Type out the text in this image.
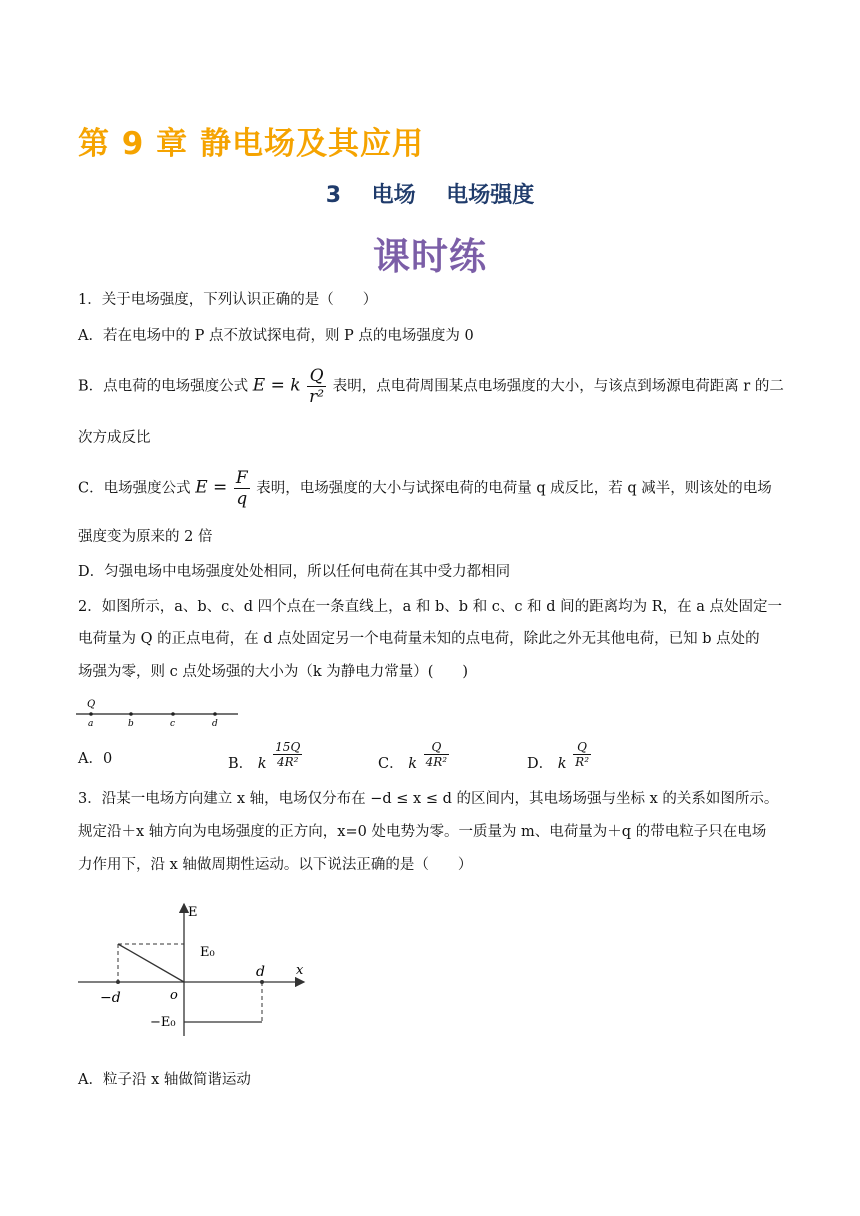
第 9 章 静电场及其应用
3    电场    电场强度
课时练
1．关于电场强度，下列认识正确的是（　　）
A．若在电场中的 P 点不放试探电荷，则 P 点的电场强度为 0
B．点电荷的电场强度公式 E = k $\frac{Q}{\text{r²}}$ 表明，点电荷周围某点电场强度的大小，与该点到场源电荷距离 r 的二
次方成反比
C．电场强度公式 $E = \frac{F}{q}$ 表明，电场强度的大小与试探电荷的电荷量 q 成反比，若 q 减半，则该处的电场
强度变为原来的 2 倍
D．匀强电场中电场强度处处相同，所以任何电荷在其中受力都相同
2．如图所示，a、b、c、d 四个点在一条直线上，a 和 b、b 和 c、c 和 d 间的距离均为 R，在 a 点处固定一
电荷量为 Q 的正点电荷，在 d 点处固定另一个电荷量未知的点电荷，除此之外无其他电荷，已知 b 点处的
场强为零，则 c 点处场强的大小为（k 为静电力常量）(　　)
Q
a	b	c	d
A．0	B． k $\frac{15Q}{\text{4R²}}$	C． k $\frac{Q}{\text{4R²}}$	D． k $\frac{Q}{\text{R²}}$
3．沿某一电场方向建立 x 轴，电场仅分布在 −d ≤ x ≤ d 的区间内，其电场场强与坐标 x 的关系如图所示。
规定沿＋x 轴方向为电场强度的正方向，x=0 处电势为零。一质量为 m、电荷量为＋q 的带电粒子只在电场
力作用下，沿 x 轴做周期性运动。以下说法正确的是（　　）
E
x
E₀
−E₀
o
−d
d
A．粒子沿 x 轴做简谐运动
